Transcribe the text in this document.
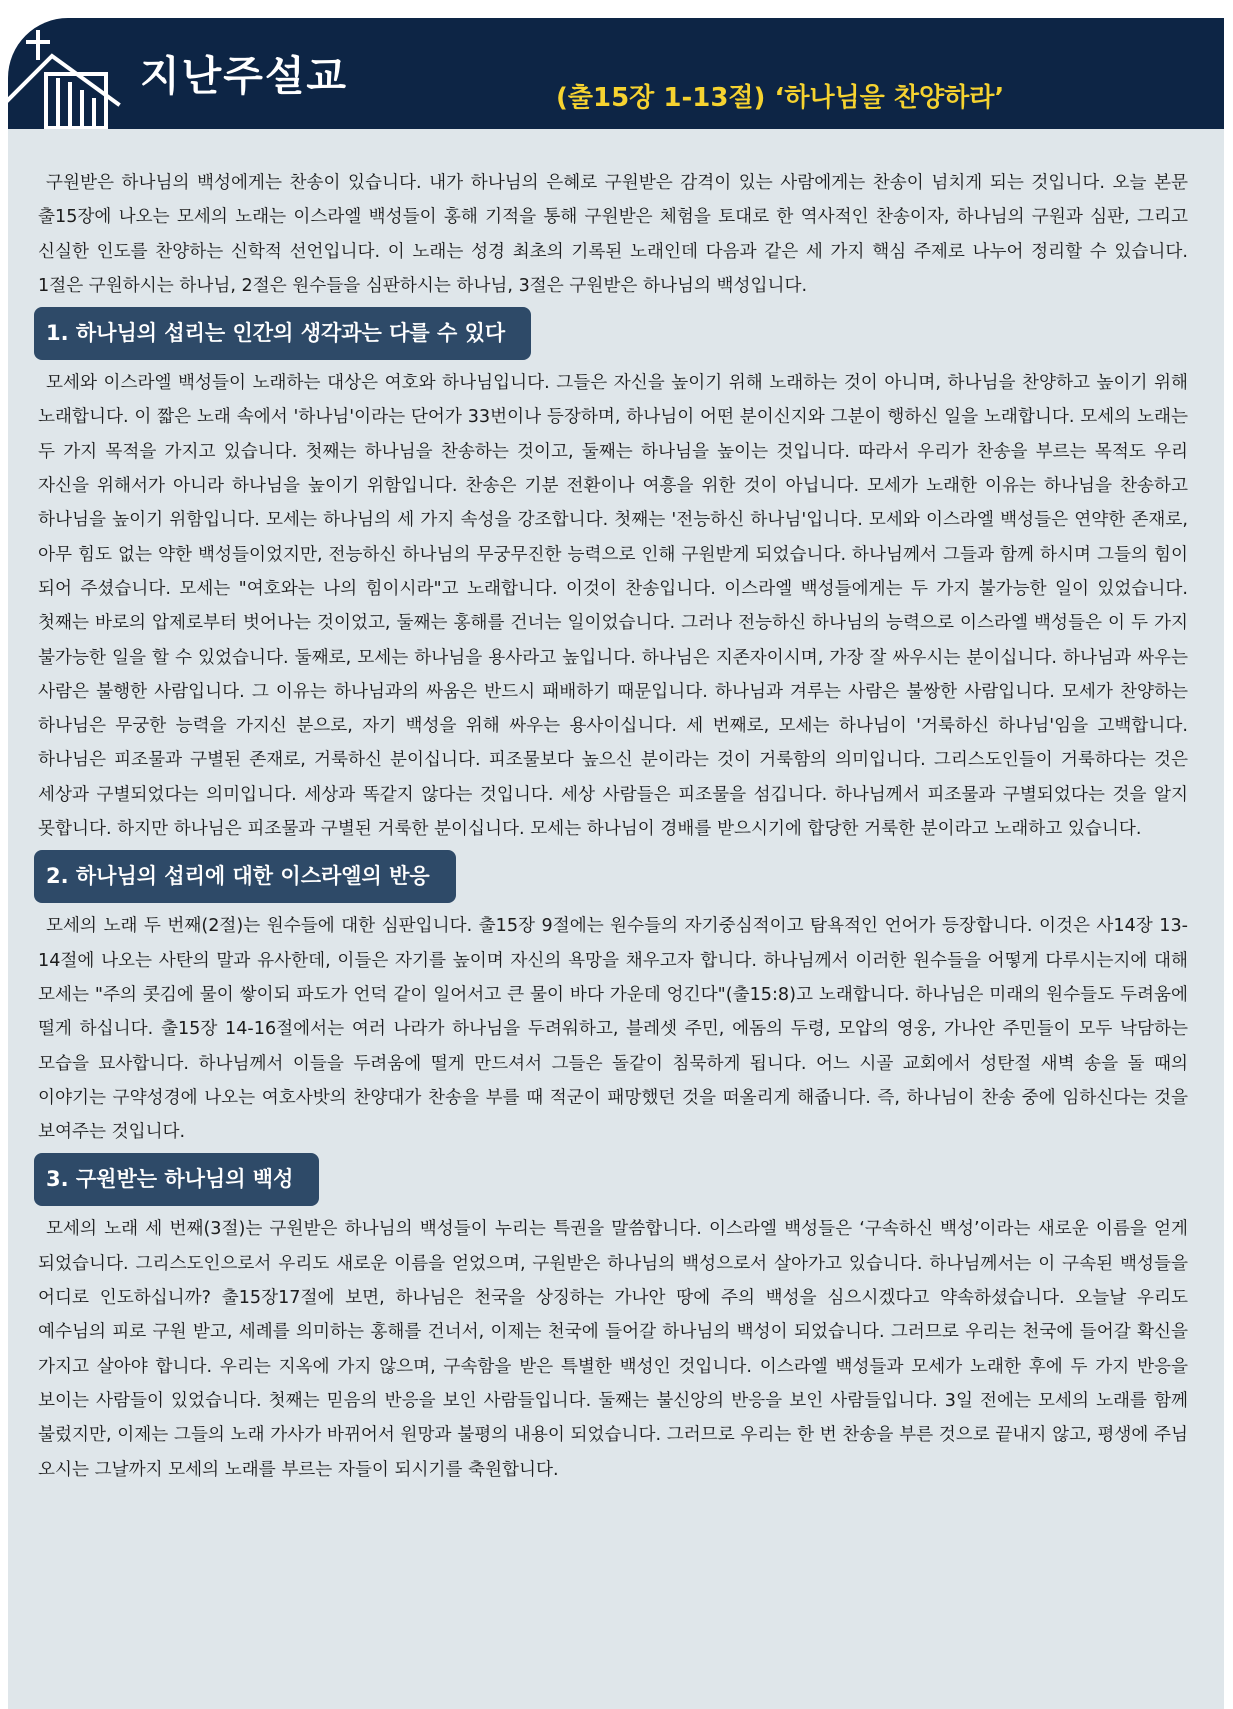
지난주설교	(출15장 1-13절) ‘하나님을 찬양하라’

구원받은 하나님의 백성에게는 찬송이 있습니다. 내가 하나님의 은혜로 구원받은 감격이 있는 사람에게는 찬송이 넘치게 되는 것입니다. 오늘 본문 출15장에 나오는 모세의 노래는 이스라엘 백성들이 홍해 기적을 통해 구원받은 체험을 토대로 한 역사적인 찬송이자, 하나님의 구원과 심판, 그리고 신실한 인도를 찬양하는 신학적 선언입니다. 이 노래는 성경 최초의 기록된 노래인데 다음과 같은 세 가지 핵심 주제로 나누어 정리할 수 있습니다. 1절은 구원하시는 하나님, 2절은 원수들을 심판하시는 하나님, 3절은 구원받은 하나님의 백성입니다.

1. 하나님의 섭리는 인간의 생각과는 다를 수 있다

모세와 이스라엘 백성들이 노래하는 대상은 여호와 하나님입니다. 그들은 자신을 높이기 위해 노래하는 것이 아니며, 하나님을 찬양하고 높이기 위해 노래합니다. 이 짧은 노래 속에서 '하나님'이라는 단어가 33번이나 등장하며, 하나님이 어떤 분이신지와 그분이 행하신 일을 노래합니다. 모세의 노래는 두 가지 목적을 가지고 있습니다. 첫째는 하나님을 찬송하는 것이고, 둘째는 하나님을 높이는 것입니다. 따라서 우리가 찬송을 부르는 목적도 우리 자신을 위해서가 아니라 하나님을 높이기 위함입니다. 찬송은 기분 전환이나 여흥을 위한 것이 아닙니다. 모세가 노래한 이유는 하나님을 찬송하고 하나님을 높이기 위함입니다. 모세는 하나님의 세 가지 속성을 강조합니다. 첫째는 '전능하신 하나님'입니다. 모세와 이스라엘 백성들은 연약한 존재로, 아무 힘도 없는 약한 백성들이었지만, 전능하신 하나님의 무궁무진한 능력으로 인해 구원받게 되었습니다. 하나님께서 그들과 함께 하시며 그들의 힘이 되어 주셨습니다. 모세는 "여호와는 나의 힘이시라"고 노래합니다. 이것이 찬송입니다. 이스라엘 백성들에게는 두 가지 불가능한 일이 있었습니다. 첫째는 바로의 압제로부터 벗어나는 것이었고, 둘째는 홍해를 건너는 일이었습니다. 그러나 전능하신 하나님의 능력으로 이스라엘 백성들은 이 두 가지 불가능한 일을 할 수 있었습니다. 둘째로, 모세는 하나님을 용사라고 높입니다. 하나님은 지존자이시며, 가장 잘 싸우시는 분이십니다. 하나님과 싸우는 사람은 불행한 사람입니다. 그 이유는 하나님과의 싸움은 반드시 패배하기 때문입니다. 하나님과 겨루는 사람은 불쌍한 사람입니다. 모세가 찬양하는 하나님은 무궁한 능력을 가지신 분으로, 자기 백성을 위해 싸우는 용사이십니다. 세 번째로, 모세는 하나님이 '거룩하신 하나님'임을 고백합니다. 하나님은 피조물과 구별된 존재로, 거룩하신 분이십니다. 피조물보다 높으신 분이라는 것이 거룩함의 의미입니다. 그리스도인들이 거룩하다는 것은 세상과 구별되었다는 의미입니다. 세상과 똑같지 않다는 것입니다. 세상 사람들은 피조물을 섬깁니다. 하나님께서 피조물과 구별되었다는 것을 알지 못합니다. 하지만 하나님은 피조물과 구별된 거룩한 분이십니다. 모세는 하나님이 경배를 받으시기에 합당한 거룩한 분이라고 노래하고 있습니다.

2. 하나님의 섭리에 대한 이스라엘의 반응

모세의 노래 두 번째(2절)는 원수들에 대한 심판입니다. 출15장 9절에는 원수들의 자기중심적이고 탐욕적인 언어가 등장합니다. 이것은 사14장 13-14절에 나오는 사탄의 말과 유사한데, 이들은 자기를 높이며 자신의 욕망을 채우고자 합니다. 하나님께서 이러한 원수들을 어떻게 다루시는지에 대해 모세는 "주의 콧김에 물이 쌓이되 파도가 언덕 같이 일어서고 큰 물이 바다 가운데 엉긴다"(출15:8)고 노래합니다. 하나님은 미래의 원수들도 두려움에 떨게 하십니다. 출15장 14-16절에서는 여러 나라가 하나님을 두려워하고, 블레셋 주민, 에돔의 두령, 모압의 영웅, 가나안 주민들이 모두 낙담하는 모습을 묘사합니다. 하나님께서 이들을 두려움에 떨게 만드셔서 그들은 돌같이 침묵하게 됩니다. 어느 시골 교회에서 성탄절 새벽 송을 돌 때의 이야기는 구약성경에 나오는 여호사밧의 찬양대가 찬송을 부를 때 적군이 패망했던 것을 떠올리게 해줍니다. 즉, 하나님이 찬송 중에 임하신다는 것을 보여주는 것입니다.

3. 구원받는 하나님의 백성

모세의 노래 세 번째(3절)는 구원받은 하나님의 백성들이 누리는 특권을 말씀합니다. 이스라엘 백성들은 ‘구속하신 백성’이라는 새로운 이름을 얻게 되었습니다. 그리스도인으로서 우리도 새로운 이름을 얻었으며, 구원받은 하나님의 백성으로서 살아가고 있습니다. 하나님께서는 이 구속된 백성들을 어디로 인도하십니까? 출15장17절에 보면, 하나님은 천국을 상징하는 가나안 땅에 주의 백성을 심으시겠다고 약속하셨습니다. 오늘날 우리도 예수님의 피로 구원 받고, 세례를 의미하는 홍해를 건너서, 이제는 천국에 들어갈 하나님의 백성이 되었습니다. 그러므로 우리는 천국에 들어갈 확신을 가지고 살아야 합니다. 우리는 지옥에 가지 않으며, 구속함을 받은 특별한 백성인 것입니다. 이스라엘 백성들과 모세가 노래한 후에 두 가지 반응을 보이는 사람들이 있었습니다. 첫째는 믿음의 반응을 보인 사람들입니다. 둘째는 불신앙의 반응을 보인 사람들입니다. 3일 전에는 모세의 노래를 함께 불렀지만, 이제는 그들의 노래 가사가 바뀌어서 원망과 불평의 내용이 되었습니다. 그러므로 우리는 한 번 찬송을 부른 것으로 끝내지 않고, 평생에 주님 오시는 그날까지 모세의 노래를 부르는 자들이 되시기를 축원합니다.
